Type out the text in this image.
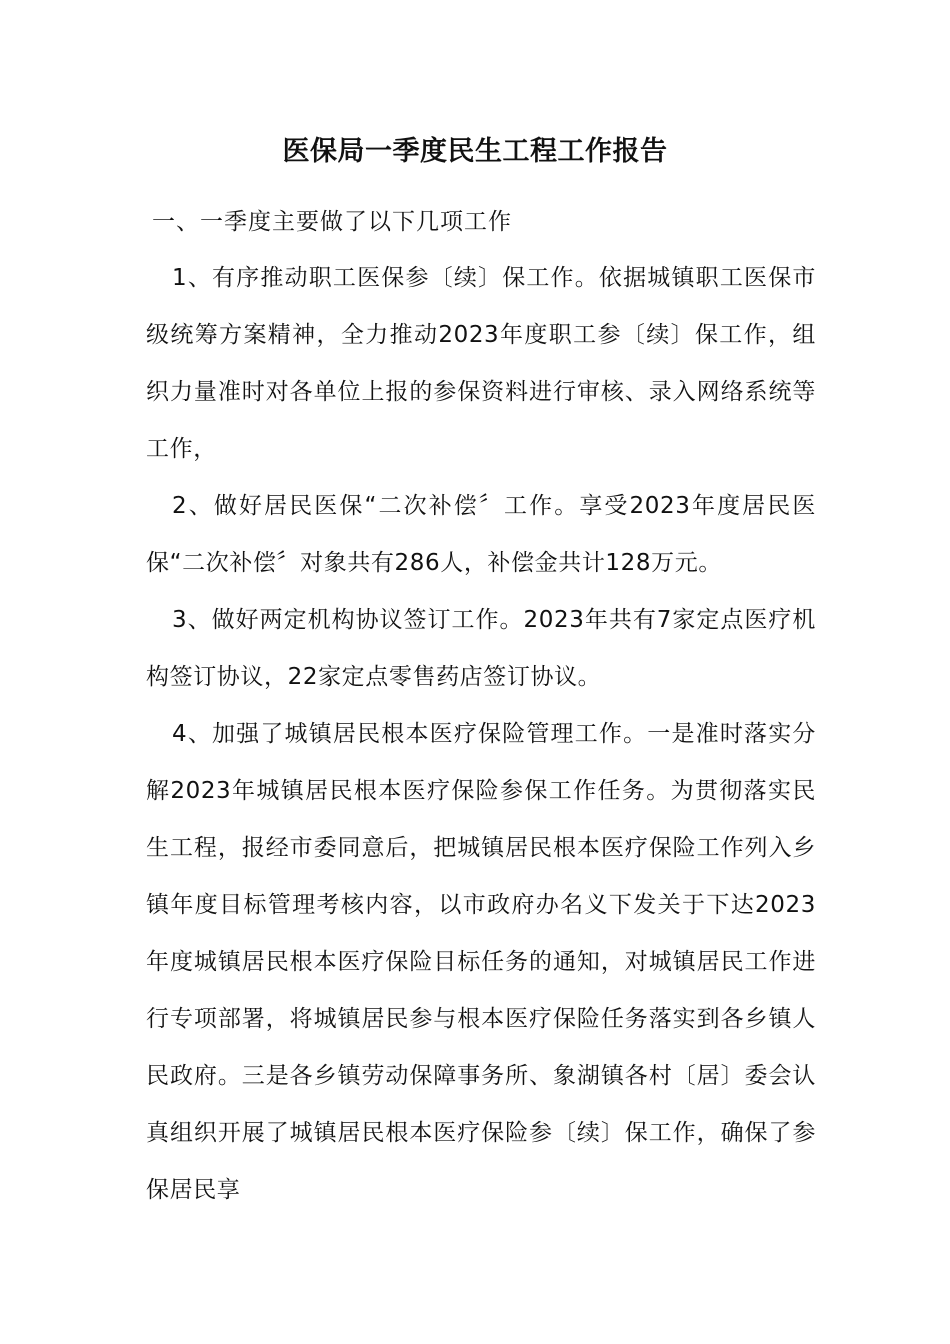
医保局一季度民生工程工作报告
一、一季度主要做了以下几项工作

1、有序推动职工医保参〔续〕保工作。依据城镇职工医保市级统筹方案精神，全力推动2023年度职工参〔续〕保工作，组织力量准时对各单位上报的参保资料进行审核、录入网络系统等工作，

2、做好居民医保“二次补偿〞工作。享受2023年度居民医保“二次补偿〞对象共有286人，补偿金共计128万元。

3、做好两定机构协议签订工作。2023年共有7家定点医疗机构签订协议，22家定点零售药店签订协议。

4、加强了城镇居民根本医疗保险管理工作。一是准时落实分解2023年城镇居民根本医疗保险参保工作任务。为贯彻落实民生工程，报经市委同意后，把城镇居民根本医疗保险工作列入乡镇年度目标管理考核内容，以市政府办名义下发关于下达2023年度城镇居民根本医疗保险目标任务的通知，对城镇居民工作进行专项部署，将城镇居民参与根本医疗保险任务落实到各乡镇人民政府。三是各乡镇劳动保障事务所、象湖镇各村〔居〕委会认真组织开展了城镇居民根本医疗保险参〔续〕保工作，确保了参保居民享
